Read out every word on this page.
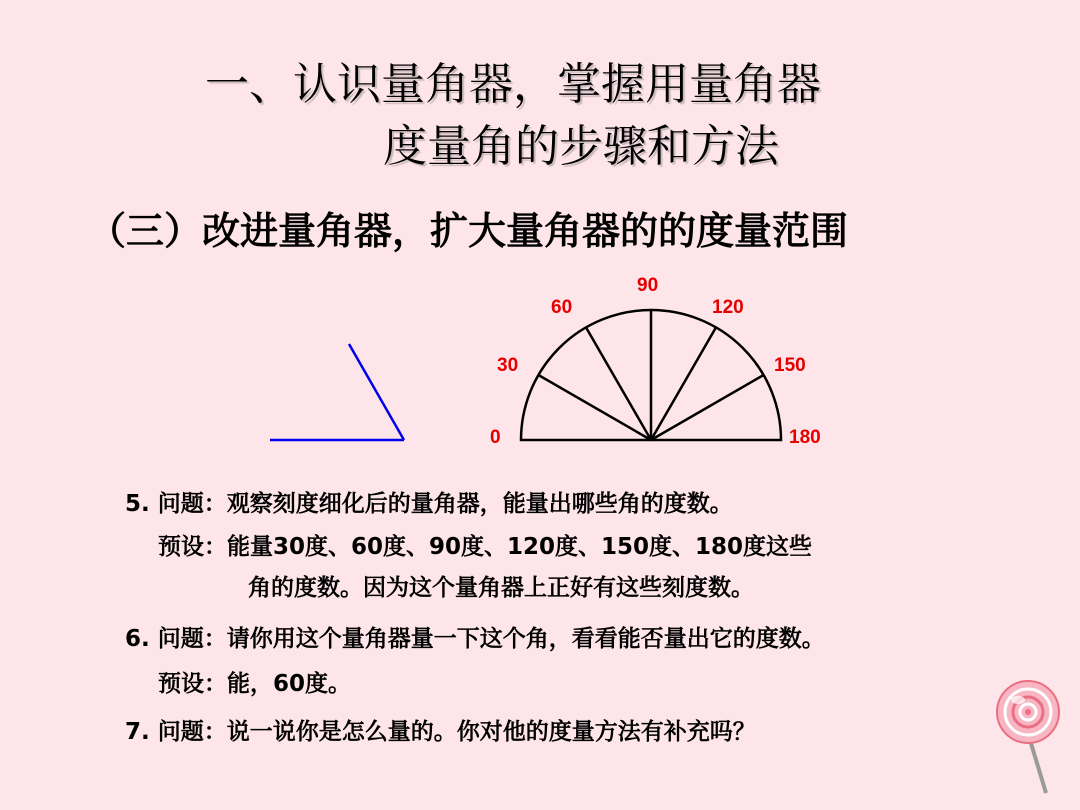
一、认识量角器，掌握用量角器
度量角的步骤和方法
（三）改进量角器，扩大量角器的的度量范围
0
30
60
90
120
150
180
5. 问题：观察刻度细化后的量角器，能量出哪些角的度数。
预设：能量30度、60度、90度、120度、150度、180度这些
角的度数。因为这个量角器上正好有这些刻度数。
6. 问题：请你用这个量角器量一下这个角，看看能否量出它的度数。
预设：能，60度。
7. 问题：说一说你是怎么量的。你对他的度量方法有补充吗？
